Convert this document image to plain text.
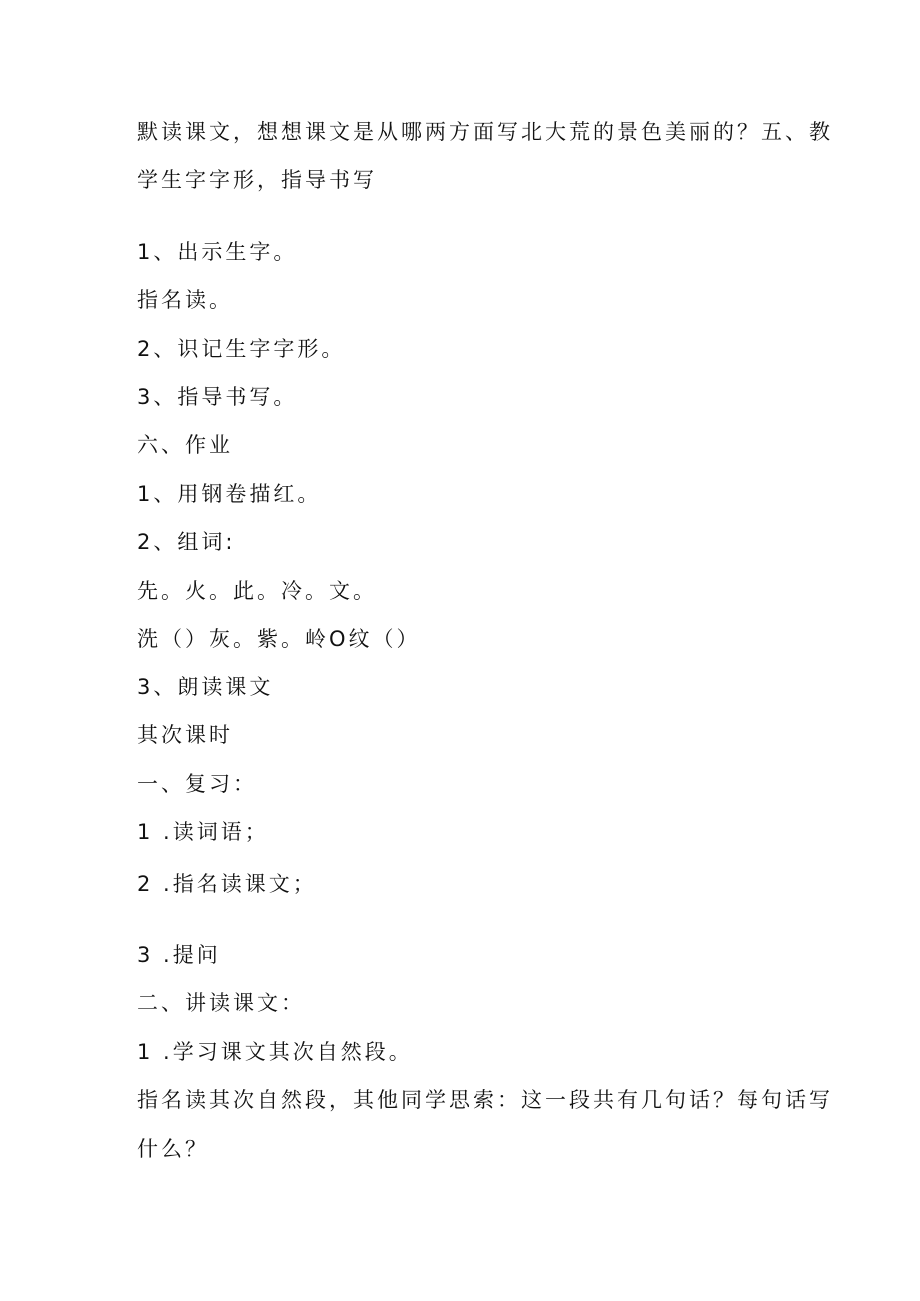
默读课文，想想课文是从哪两方面写北大荒的景色美丽的？五、教

学生字字形，指导书写

1、出示生字。

指名读。

2、识记生字字形。

3、指导书写。

六、作业

1、用钢卷描红。

2、组词:

先。火。此。冷。文。

洗（）灰。紫。岭O纹（）

3、朗读课文

其次课时

一、复习：

1 .读词语；

2 .指名读课文；

3 .提问

二、讲读课文：

1 .学习课文其次自然段。

指名读其次自然段，其他同学思索：这一段共有几句话？每句话写

什么？
